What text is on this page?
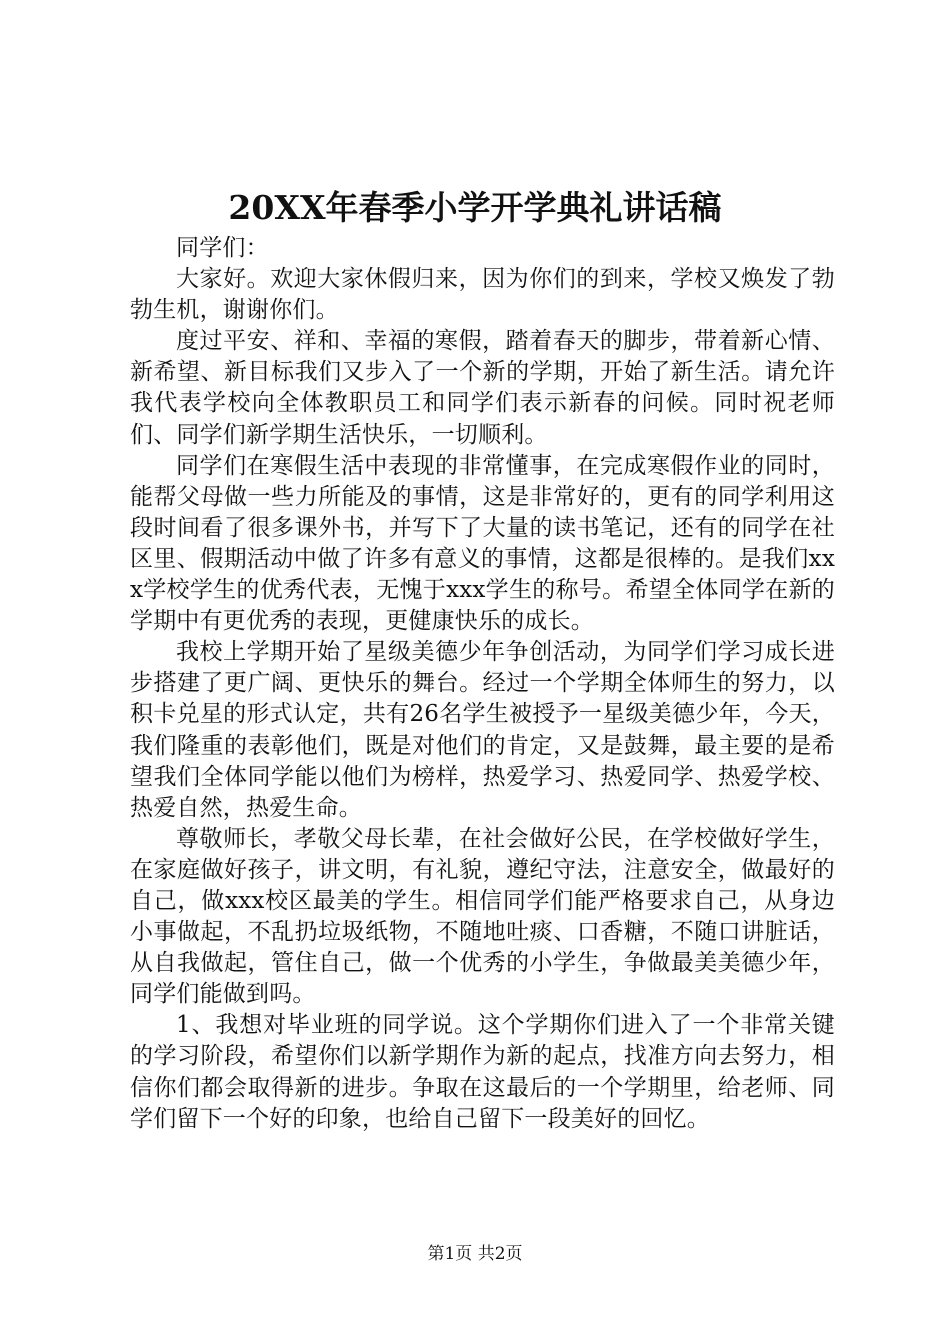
20XX年春季小学开学典礼讲话稿

同学们：

大家好。欢迎大家休假归来，因为你们的到来，学校又焕发了勃勃生机，谢谢你们。

度过平安、祥和、幸福的寒假，踏着春天的脚步，带着新心情、新希望、新目标我们又步入了一个新的学期，开始了新生活。请允许我代表学校向全体教职员工和同学们表示新春的问候。同时祝老师们、同学们新学期生活快乐，一切顺利。

同学们在寒假生活中表现的非常懂事，在完成寒假作业的同时，能帮父母做一些力所能及的事情，这是非常好的，更有的同学利用这段时间看了很多课外书，并写下了大量的读书笔记，还有的同学在社区里、假期活动中做了许多有意义的事情，这都是很棒的。是我们xxx学校学生的优秀代表，无愧于xxx学生的称号。希望全体同学在新的学期中有更优秀的表现，更健康快乐的成长。

我校上学期开始了星级美德少年争创活动，为同学们学习成长进步搭建了更广阔、更快乐的舞台。经过一个学期全体师生的努力，以积卡兑星的形式认定，共有26名学生被授予一星级美德少年，今天，我们隆重的表彰他们，既是对他们的肯定，又是鼓舞，最主要的是希望我们全体同学能以他们为榜样，热爱学习、热爱同学、热爱学校、热爱自然，热爱生命。

尊敬师长，孝敬父母长辈，在社会做好公民，在学校做好学生，在家庭做好孩子，讲文明，有礼貌，遵纪守法，注意安全，做最好的自己，做xxx校区最美的学生。相信同学们能严格要求自己，从身边小事做起，不乱扔垃圾纸物，不随地吐痰、口香糖，不随口讲脏话，从自我做起，管住自己，做一个优秀的小学生，争做最美美德少年，同学们能做到吗。

1、我想对毕业班的同学说。这个学期你们进入了一个非常关键的学习阶段，希望你们以新学期作为新的起点，找准方向去努力，相信你们都会取得新的进步。争取在这最后的一个学期里，给老师、同学们留下一个好的印象，也给自己留下一段美好的回忆。

第1页 共2页
